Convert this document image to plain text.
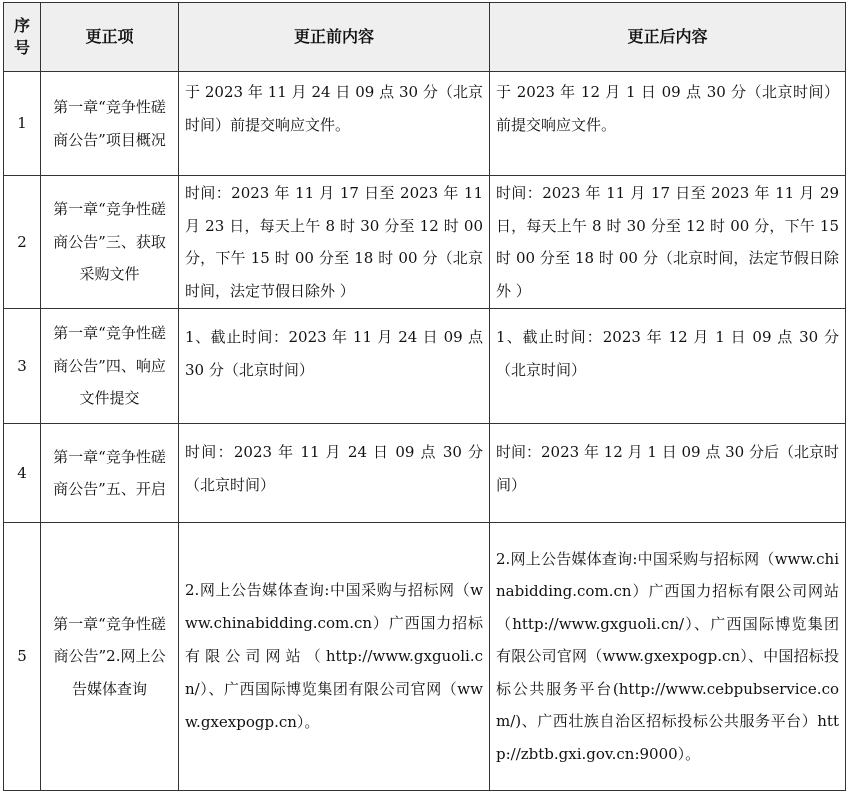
序号	更正项	更正前内容	更正后内容
1	第一章“竞争性磋商公告”项目概况	于 2023 年 11 月 24 日 09 点 30 分（北京时间）前提交响应文件。	于 2023 年 12 月 1 日 09 点 30 分（北京时间）前提交响应文件。
2	第一章“竞争性磋商公告”三、获取采购文件	时间：2023 年 11 月 17 日至 2023 年 11 月 23 日，每天上午 8 时 30 分至 12 时 00 分，下午 15 时 00 分至 18 时 00 分（北京时间，法定节假日除外 ）	时间：2023 年 11 月 17 日至 2023 年 11 月 29 日，每天上午 8 时 30 分至 12 时 00 分，下午 15 时 00 分至 18 时 00 分（北京时间，法定节假日除外 ）
3	第一章“竞争性磋商公告”四、响应文件提交	1、截止时间：2023 年 11 月 24 日 09 点 30 分（北京时间）	1、截止时间：2023 年 12 月 1 日 09 点 30 分（北京时间）
4	第一章“竞争性磋商公告”五、开启	时间：2023 年 11 月 24 日 09 点 30 分（北京时间）	时间：2023 年 12 月 1 日 09 点 30 分后（北京时间）
5	第一章“竞争性磋商公告”2.网上公告媒体查询	2.网上公告媒体查询:中国采购与招标网（www.chinabidding.com.cn）广西国力招标有限公司网站（http://www.gxguoli.cn/）、广西国际博览集团有限公司官网（www.gxexpogp.cn）。	2.网上公告媒体查询:中国采购与招标网（www.chinabidding.com.cn）广西国力招标有限公司网站（http://www.gxguoli.cn/）、广西国际博览集团有限公司官网（www.gxexpogp.cn）、中国招标投标公共服务平台(http://www.cebpubservice.com/)、广西壮族自治区招标投标公共服务平台）http://zbtb.gxi.gov.cn:9000）。
